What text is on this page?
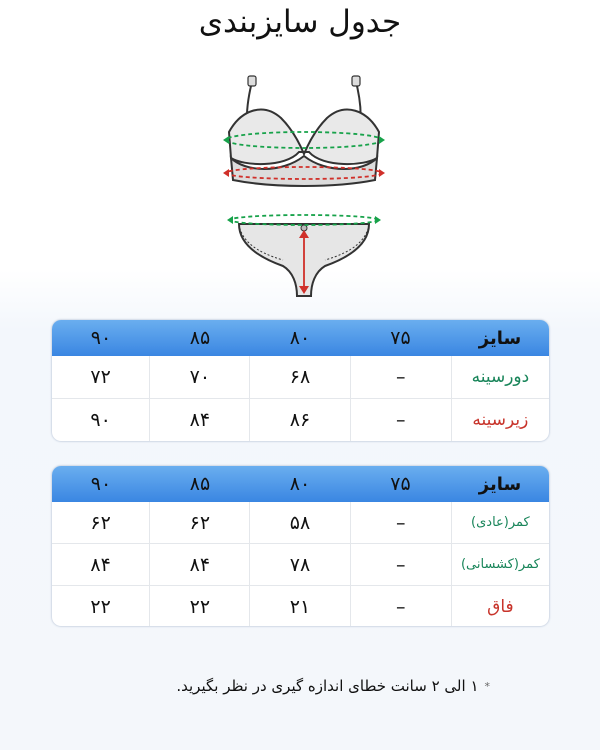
جدول سایزبندی
سایز
۷۵
۸۰
۸۵
۹۰
دورسینه
–
۶۸
۷۰
۷۲
زیرسینه
–
۸۶
۸۴
۹۰
سایز
۷۵
۸۰
۸۵
۹۰
کمر(عادی)
–
۵۸
۶۲
۶۲
کمر(کشسانی)
–
۷۸
۸۴
۸۴
فاق
–
۲۱
۲۲
۲۲
*۱ الی ۲ سانت خطای اندازه گیری در نظر بگیرید.
